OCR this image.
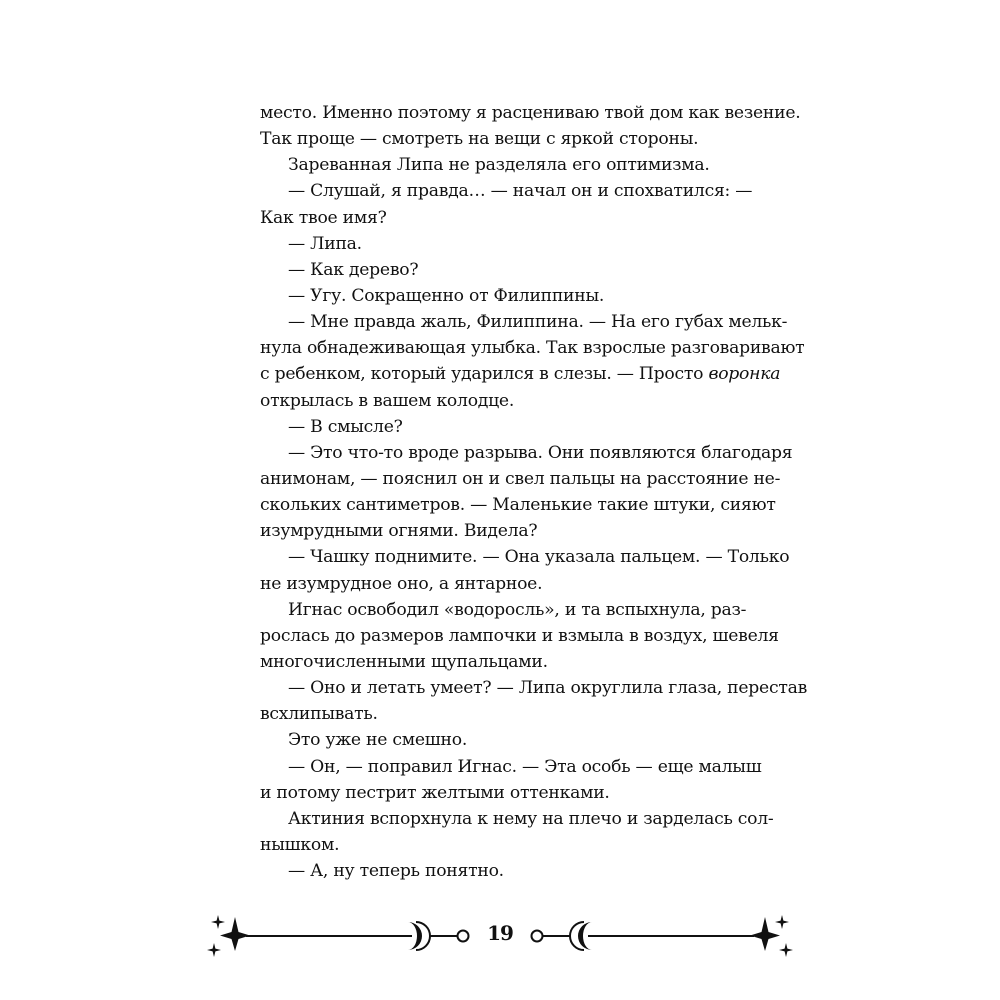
место. Именно поэтому я расцениваю твой дом как везение.
Так проще — смотреть на вещи с яркой стороны.
Зареванная Липа не разделяла его оптимизма.
— Слушай, я правда… — начал он и спохватился: —
Как твое имя?
— Липа.
— Как дерево?
— Угу. Сокращенно от Филиппины.
— Мне правда жаль, Филиппина. — На его губах мельк-
нула обнадеживающая улыбка. Так взрослые разговаривают
с ребенком, который ударился в слезы. — Просто воронка
открылась в вашем колодце.
— В смысле?
— Это что-то вроде разрыва. Они появляются благодаря
анимонам, — пояснил он и свел пальцы на расстояние не-
скольких сантиметров. — Маленькие такие штуки, сияют
изумрудными огнями. Видела?
— Чашку поднимите. — Она указала пальцем. — Только
не изумрудное оно, а янтарное.
Игнас освободил «водоросль», и та вспыхнула, раз-
рослась до размеров лампочки и взмыла в воздух, шевеля
многочисленными щупальцами.
— Оно и летать умеет? — Липа округлила глаза, перестав
всхлипывать.
Это уже не смешно.
— Он, — поправил Игнас. — Эта особь — еще малыш
и потому пестрит желтыми оттенками.
Актиния вспорхнула к нему на плечо и зарделась сол-
нышком.
— А, ну теперь понятно.
19
